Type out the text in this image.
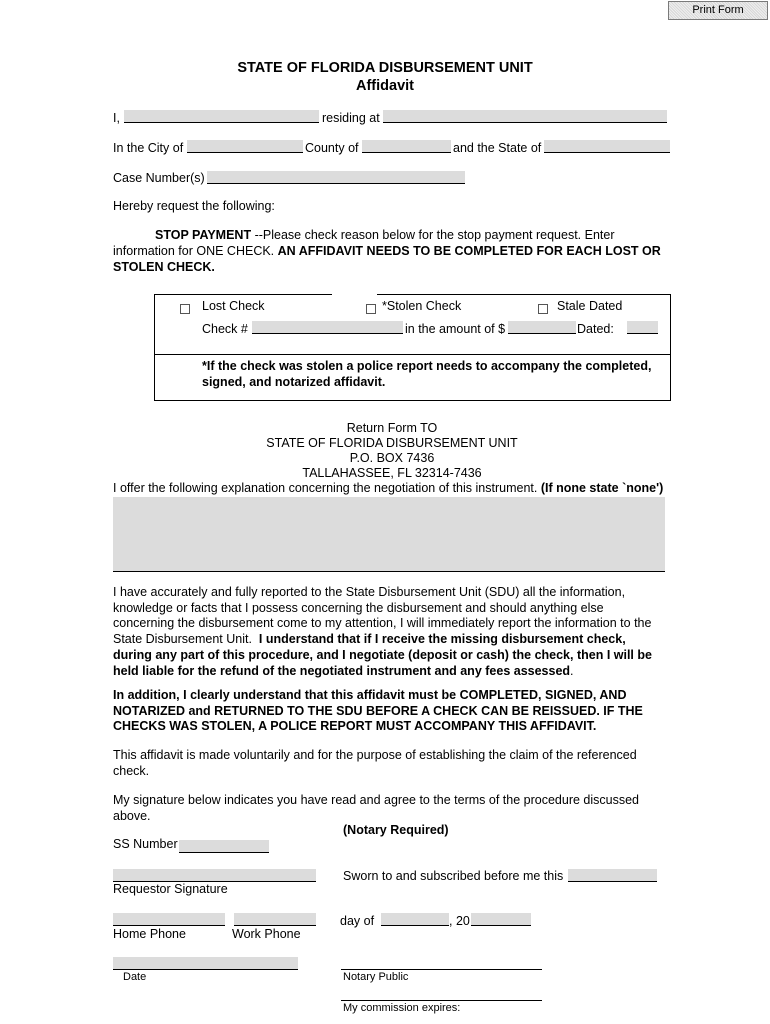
Print Form
STATE OF FLORIDA DISBURSEMENT UNIT
Affidavit
I,	residing at
In the City of	County of	and the State of
Case Number(s)
Hereby request the following:
STOP PAYMENT --Please check reason below for the stop payment request. Enter
information for ONE CHECK. AN AFFIDAVIT NEEDS TO BE COMPLETED FOR EACH LOST OR
STOLEN CHECK.
Lost Check	*Stolen Check	Stale Dated
Check #	in the amount of $	Dated:
*If the check was stolen a police report needs to accompany the completed,
signed, and notarized affidavit.
Return Form TO
STATE OF FLORIDA DISBURSEMENT UNIT
P.O. BOX 7436
TALLAHASSEE, FL 32314-7436
I offer the following explanation concerning the negotiation of this instrument. (If none state `none')
I have accurately and fully reported to the State Disbursement Unit (SDU) all the information,
knowledge or facts that I possess concerning the disbursement and should anything else
concerning the disbursement come to my attention, I will immediately report the information to the
State Disbursement Unit. I understand that if I receive the missing disbursement check,
during any part of this procedure, and I negotiate (deposit or cash) the check, then I will be
held liable for the refund of the negotiated instrument and any fees assessed.
In addition, I clearly understand that this affidavit must be COMPLETED, SIGNED, AND
NOTARIZED and RETURNED TO THE SDU BEFORE A CHECK CAN BE REISSUED. IF THE
CHECKS WAS STOLEN, A POLICE REPORT MUST ACCOMPANY THIS AFFIDAVIT.
This affidavit is made voluntarily and for the purpose of establishing the claim of the referenced
check.
My signature below indicates you have read and agree to the terms of the procedure discussed
above.
(Notary Required)
SS Number
Requestor Signature
Sworn to and subscribed before me this
Home Phone	Work Phone
day of	, 20
Date	Notary Public
My commission expires:
